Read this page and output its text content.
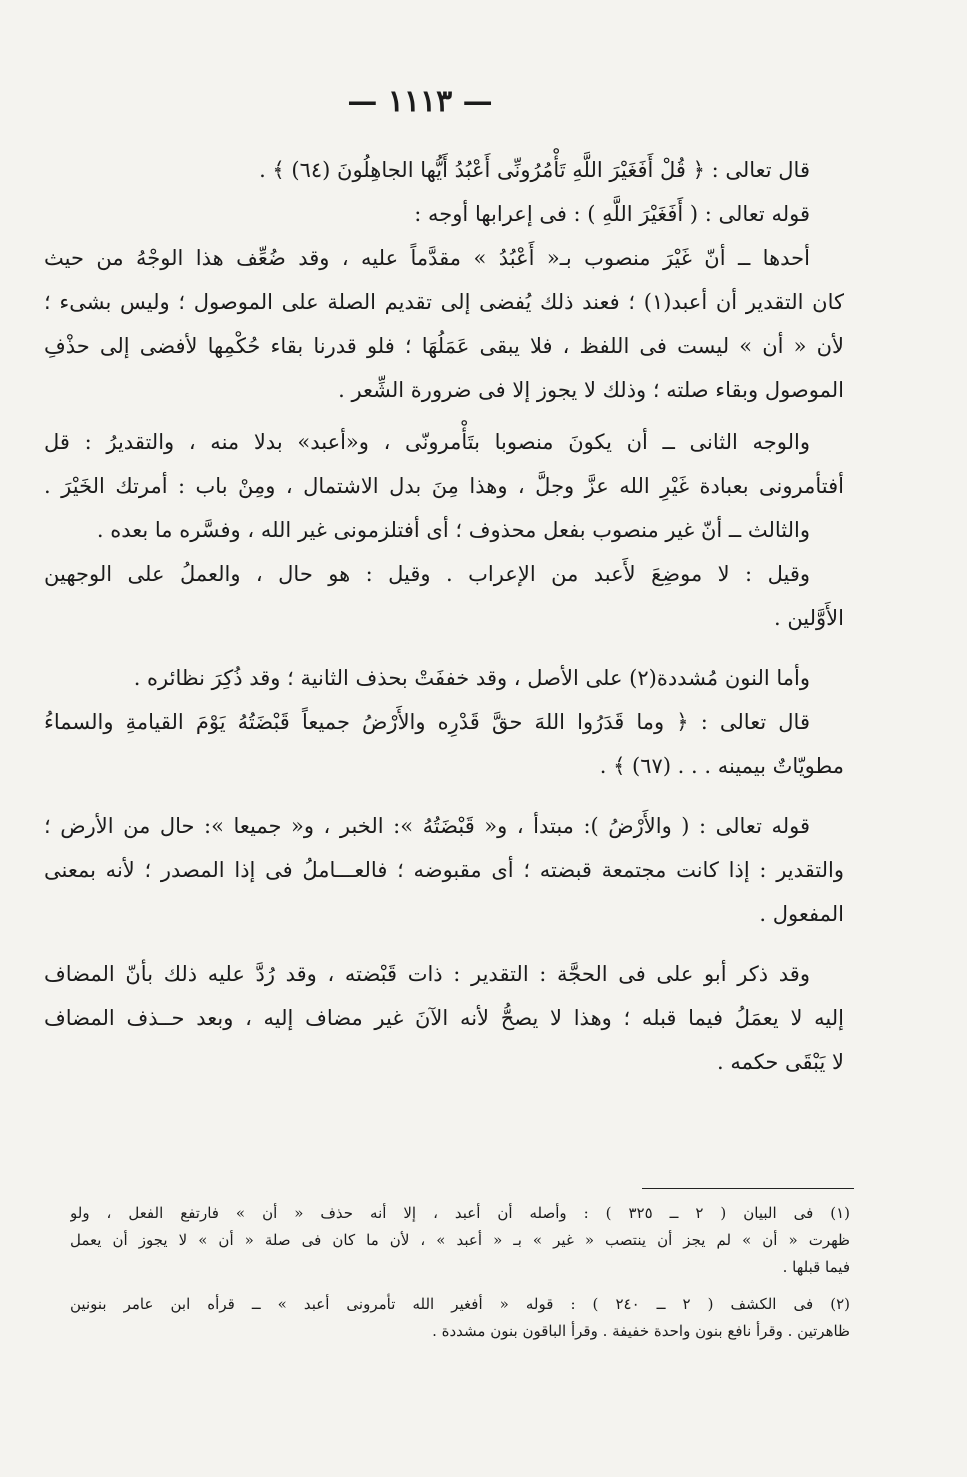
— ١١١٣ —
قال تعالى : ﴿ قُلْ أَفَغَيْرَ اللَّهِ تَأْمُرُونِّى أَعْبُدُ أَيُّها الجاهِلُونَ (٦٤) ﴾ .
قوله تعالى : ( أَفَغَيْرَ اللَّهِ ) : فى إعرابها أوجه :
أحدها ــ أنّ غَيْرَ منصوب بـ« أَعْبُدُ » مقدَّماً عليه ، وقد ضُعِّف هذا الوجْهُ من حيث
كان التقدير أن أعبد(١) ؛ فعند ذلك يُفضى إلى تقديم الصلة على الموصول ؛ وليس بشىء ؛
لأن « أن » ليست فى اللفظ ، فلا يبقى عَمَلُهَا ؛ فلو قدرنا بقاء حُكْمِها لأفضى إلى حذْفِ
الموصول وبقاء صلته ؛ وذلك لا يجوز إلا فى ضرورة الشِّعر .
والوجه الثانى ــ أن يكونَ منصوبا بتَأْمرونّى ، و«أعبد» بدلا منه ، والتقديرُ : قل
أفتأمرونى بعبادة غَيْرِ الله عزَّ وجلَّ ، وهذا مِنَ بدل الاشتمال ، ومِنْ باب : أمرتك الخَيْرَ .
والثالث ــ أنّ غير منصوب بفعل محذوف ؛ أى أفتلزمونى غير الله ، وفسَّره ما بعده .
وقيل : لا موضِعَ لأَعبد من الإعراب . وقيل : هو حال ، والعملُ على الوجهين
الأَوَّلين .
وأما النون مُشددة(٢) على الأصل ، وقد خففَتْ بحذف الثانية ؛ وقد ذُكِرَ نظائره .
قال تعالى : ﴿ وما قَدَرُوا اللهَ حقَّ قَدْرِه والأَرْضُ جميعاً قَبْضَتُهُ يَوْمَ القيامةِ والسماءُ
مطويّاتٌ بيمينه . . . (٦٧) ﴾ .
قوله تعالى : ( والأَرْضُ ): مبتدأ ، و« قَبْضَتُهُ »: الخبر ، و« جميعا »: حال من الأرض ؛
والتقدير : إذا كانت مجتمعة قبضته ؛ أى مقبوضه ؛ فالعـــاملُ فى إذا المصدر ؛ لأنه بمعنى
المفعول .
وقد ذكر أبو على فى الحجَّة : التقدير : ذات قَبْضته ، وقد رُدَّ عليه ذلك بأنّ المضاف
إليه لا يعمَلُ فيما قبله ؛ وهذا لا يصحُّ لأنه الآنَ غير مضاف إليه ، وبعد حــذف المضاف
لا يَبْقَى حكمه .
(١) فى البيان ( ٢ ــ ٣٢٥ ) : وأصله أن أعبد ، إلا أنه حذف « أن » فارتفع الفعل ، ولو
ظهرت « أن » لم يجز أن ينتصب « غير » بـ « أعبد » ، لأن ما كان فى صلة « أن » لا يجوز أن يعمل
فيما قبلها .
(٢) فى الكشف ( ٢ ــ ٢٤٠ ) : قوله « أفغير الله تأمرونى أعبد » ــ قرأه ابن عامر بنونين
ظاهرتين . وقرأ نافع بنون واحدة خفيفة . وقرأ الباقون بنون مشددة .
